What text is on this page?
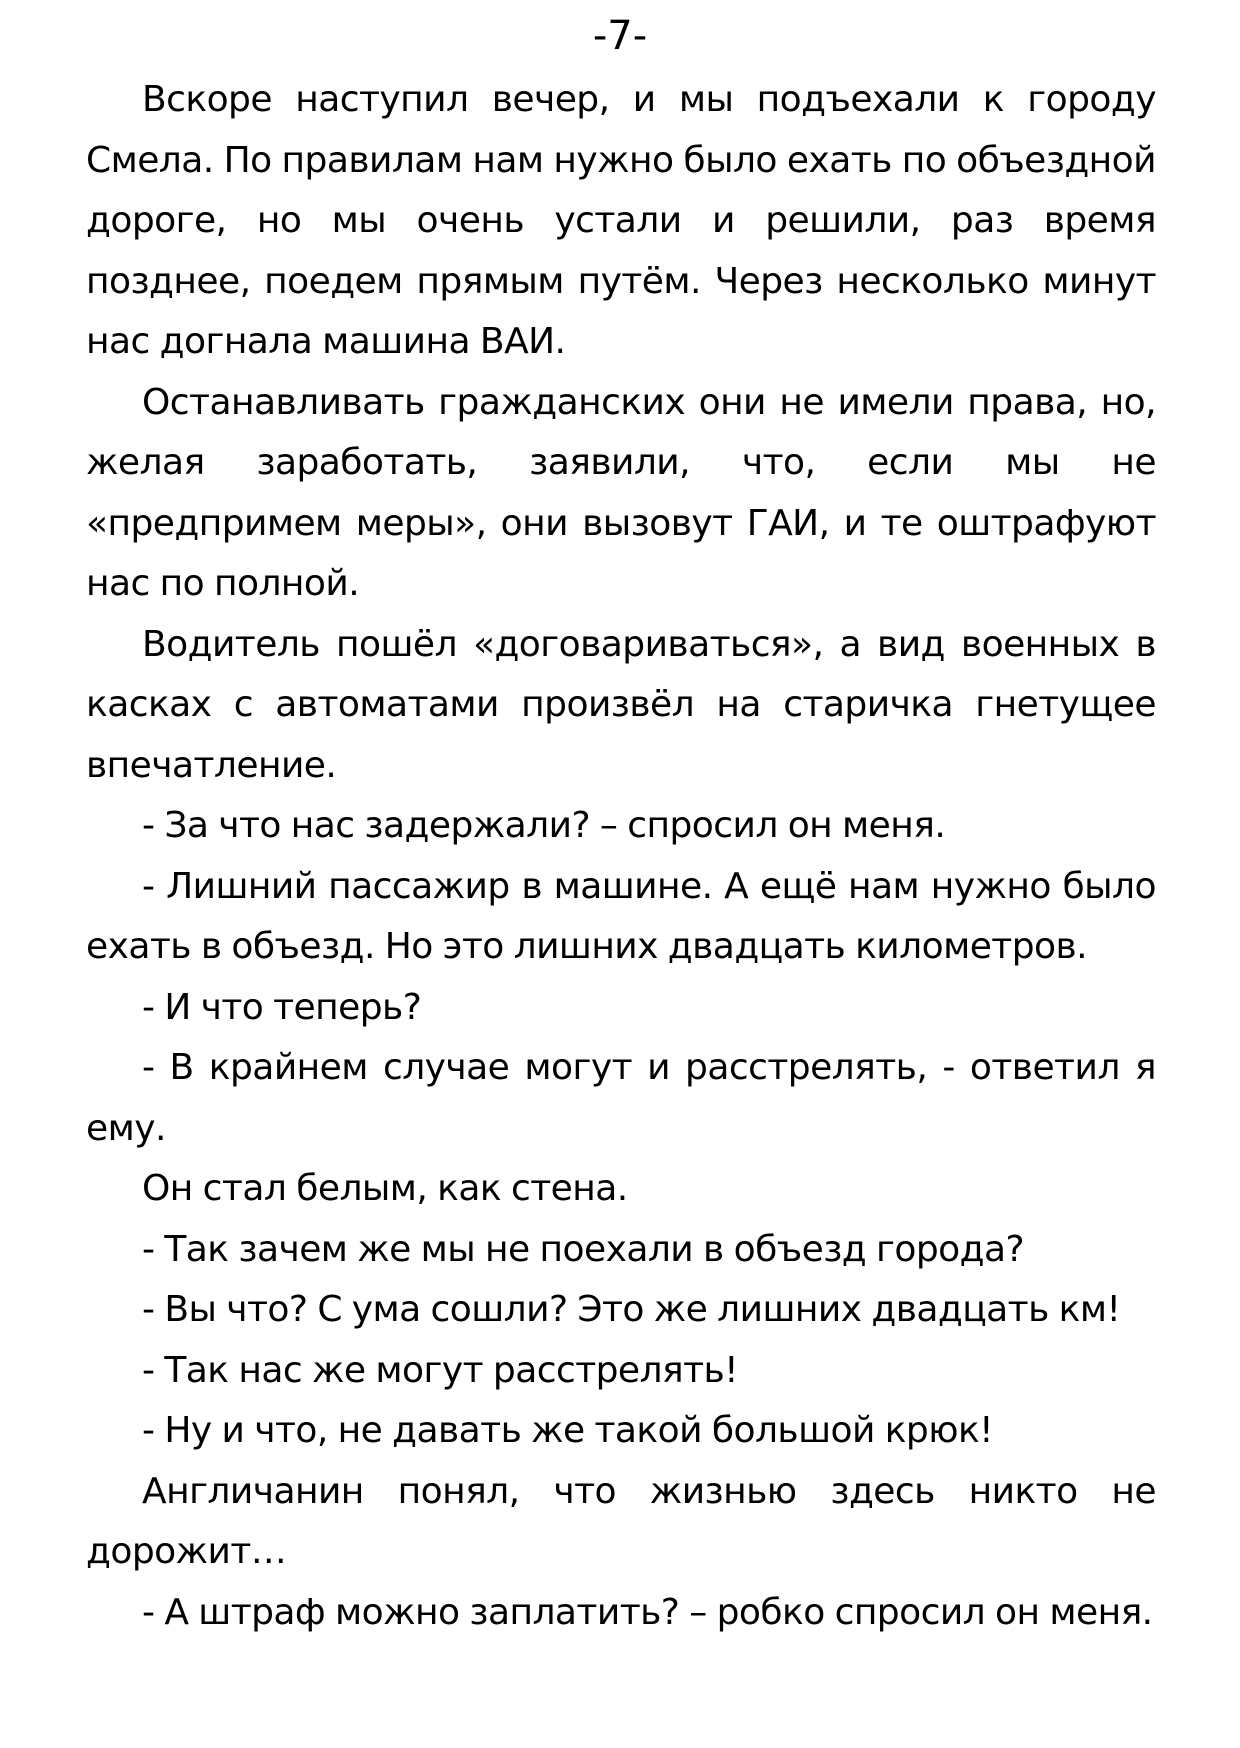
-7-

Вскоре наступил вечер, и мы подъехали к городу Смела. По правилам нам нужно было ехать по объездной дороге, но мы очень устали и решили, раз время позднее, поедем прямым путём. Через несколько минут нас догнала машина ВАИ.

Останавливать гражданских они не имели права, но, желая заработать, заявили, что, если мы не «предпримем меры», они вызовут ГАИ, и те оштрафуют нас по полной.

Водитель пошёл «договариваться», а вид военных в касках с автоматами произвёл на старичка гнетущее впечатление.

- За что нас задержали? – спросил он меня.

- Лишний пассажир в машине. А ещё нам нужно было ехать в объезд. Но это лишних двадцать километров.

- И что теперь?

- В крайнем случае могут и расстрелять, - ответил я ему.

Он стал белым, как стена.

- Так зачем же мы не поехали в объезд города?

- Вы что? С ума сошли? Это же лишних двадцать км!

- Так нас же могут расстрелять!

- Ну и что, не давать же такой большой крюк!

Англичанин понял, что жизнью здесь никто не дорожит…

- А штраф можно заплатить? – робко спросил он меня.
